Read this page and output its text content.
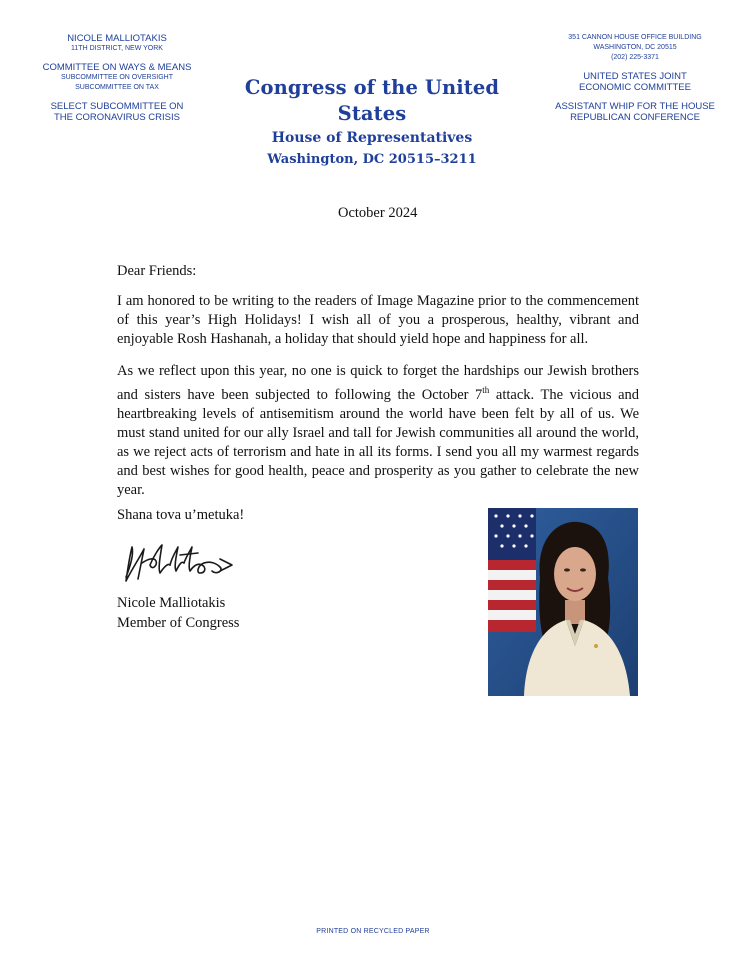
NICOLE MALLIOTAKIS
11TH DISTRICT, NEW YORK
COMMITTEE ON WAYS & MEANS
SUBCOMMITTEE ON OVERSIGHT
SUBCOMMITTEE ON TAX
SELECT SUBCOMMITTEE ON
THE CORONAVIRUS CRISIS
Congress of the United States
House of Representatives
Washington, DC 20515–3211
351 CANNON HOUSE OFFICE BUILDING
WASHINGTON, DC 20515
(202) 225-3371
UNITED STATES JOINT
ECONOMIC COMMITTEE
ASSISTANT WHIP FOR THE HOUSE
REPUBLICAN CONFERENCE
October 2024
Dear Friends:
I am honored to be writing to the readers of Image Magazine prior to the commencement of this year’s High Holidays! I wish all of you a prosperous, healthy, vibrant and enjoyable Rosh Hashanah, a holiday that should yield hope and happiness for all.
As we reflect upon this year, no one is quick to forget the hardships our Jewish brothers and sisters have been subjected to following the October 7th attack. The vicious and heartbreaking levels of antisemitism around the world have been felt by all of us. We must stand united for our ally Israel and tall for Jewish communities all around the world, as we reject acts of terrorism and hate in all its forms. I send you all my warmest regards and best wishes for good health, peace and prosperity as you gather to celebrate the new year.
Shana tova u’metuka!
Nicole Malliotakis
Member of Congress
PRINTED ON RECYCLED PAPER
